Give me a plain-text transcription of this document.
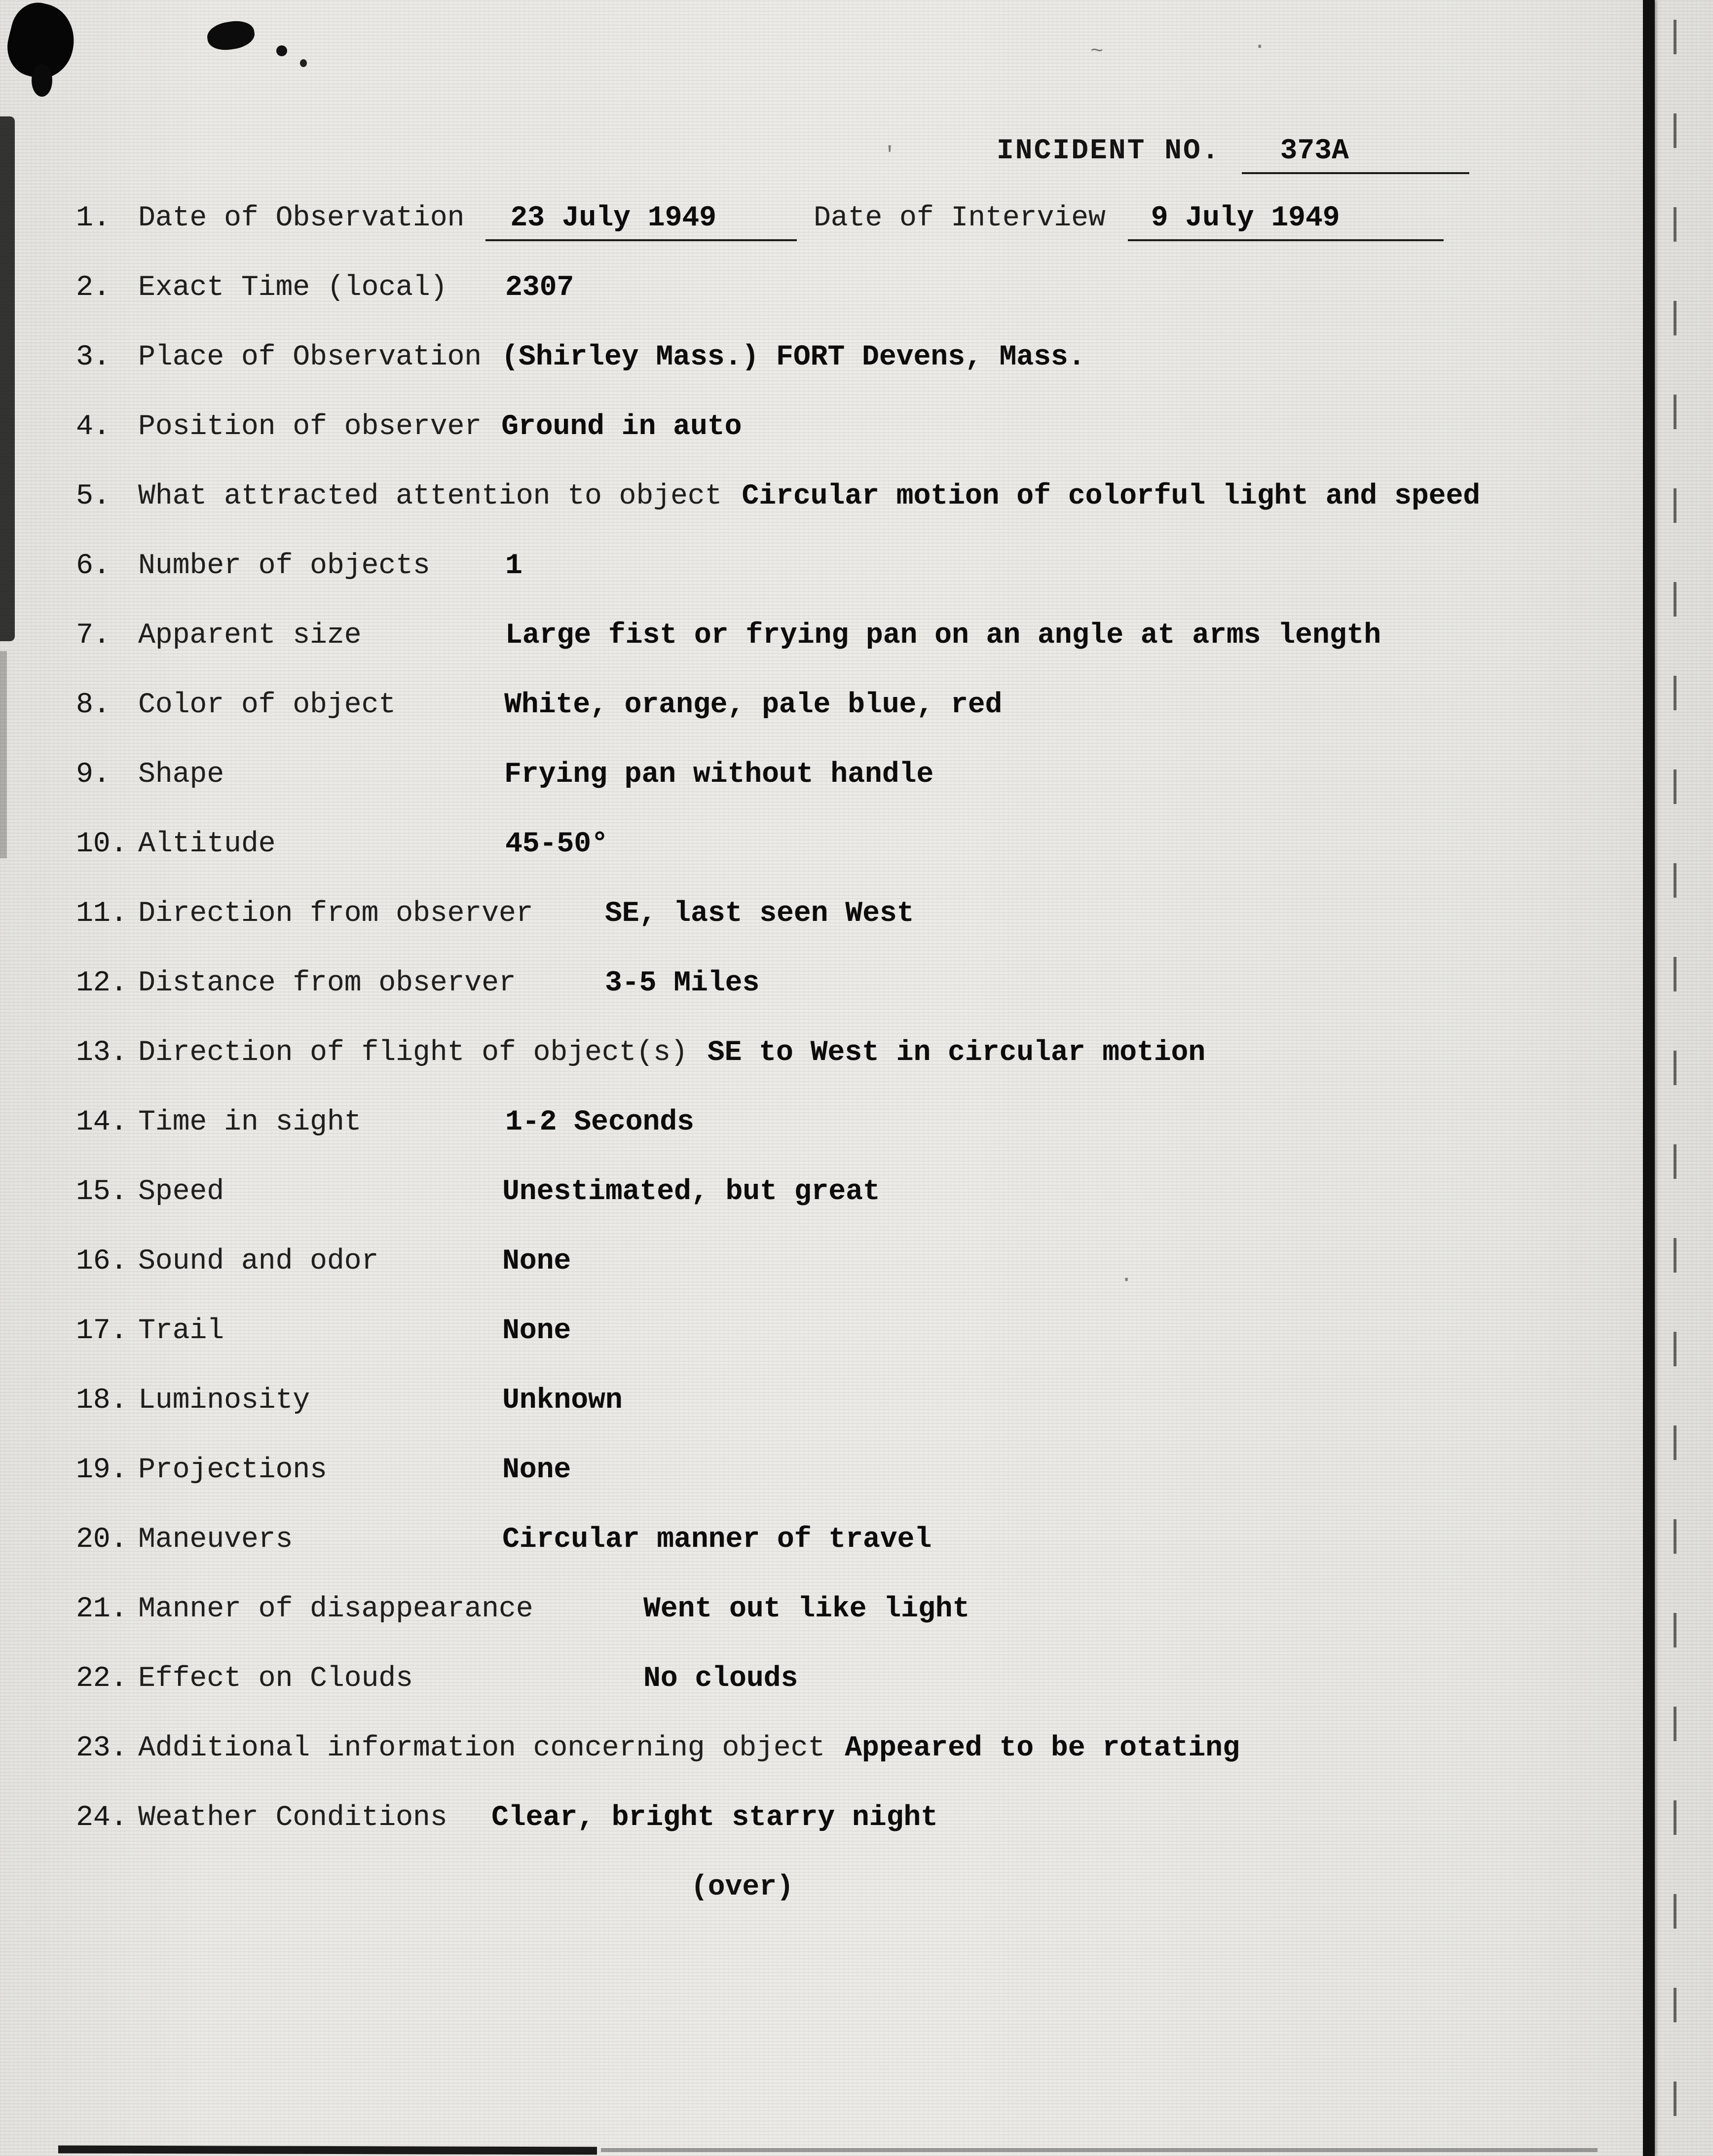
INCIDENT NO. 373A
1. Date of Observation 23 July 1949	Date of Interview 9 July 1949
2. Exact Time (local) 2307
3. Place of Observation (Shirley Mass.) FORT Devens, Mass.
4. Position of observer Ground in auto
5. What attracted attention to object Circular motion of colorful light and speed
6. Number of objects	1
7. Apparent size	Large fist or frying pan on an angle at arms length
8. Color of object	White, orange, pale blue, red
9. Shape	Frying pan without handle
10. Altitude	45-50°
11. Direction from observer	SE, last seen West
12. Distance from observer	3-5 Miles
13. Direction of flight of object(s) SE to West in circular motion
14. Time in sight	1-2 Seconds
15. Speed	Unestimated, but great
16. Sound and odor	None
17. Trail	None
18. Luminosity	Unknown
19. Projections	None
20. Maneuvers	Circular manner of travel
21. Manner of disappearance	Went out like light
22. Effect on Clouds	No clouds
23. Additional information concerning object Appeared to be rotating
24. Weather Conditions Clear, bright starry night
(over)
'
·
~
·
